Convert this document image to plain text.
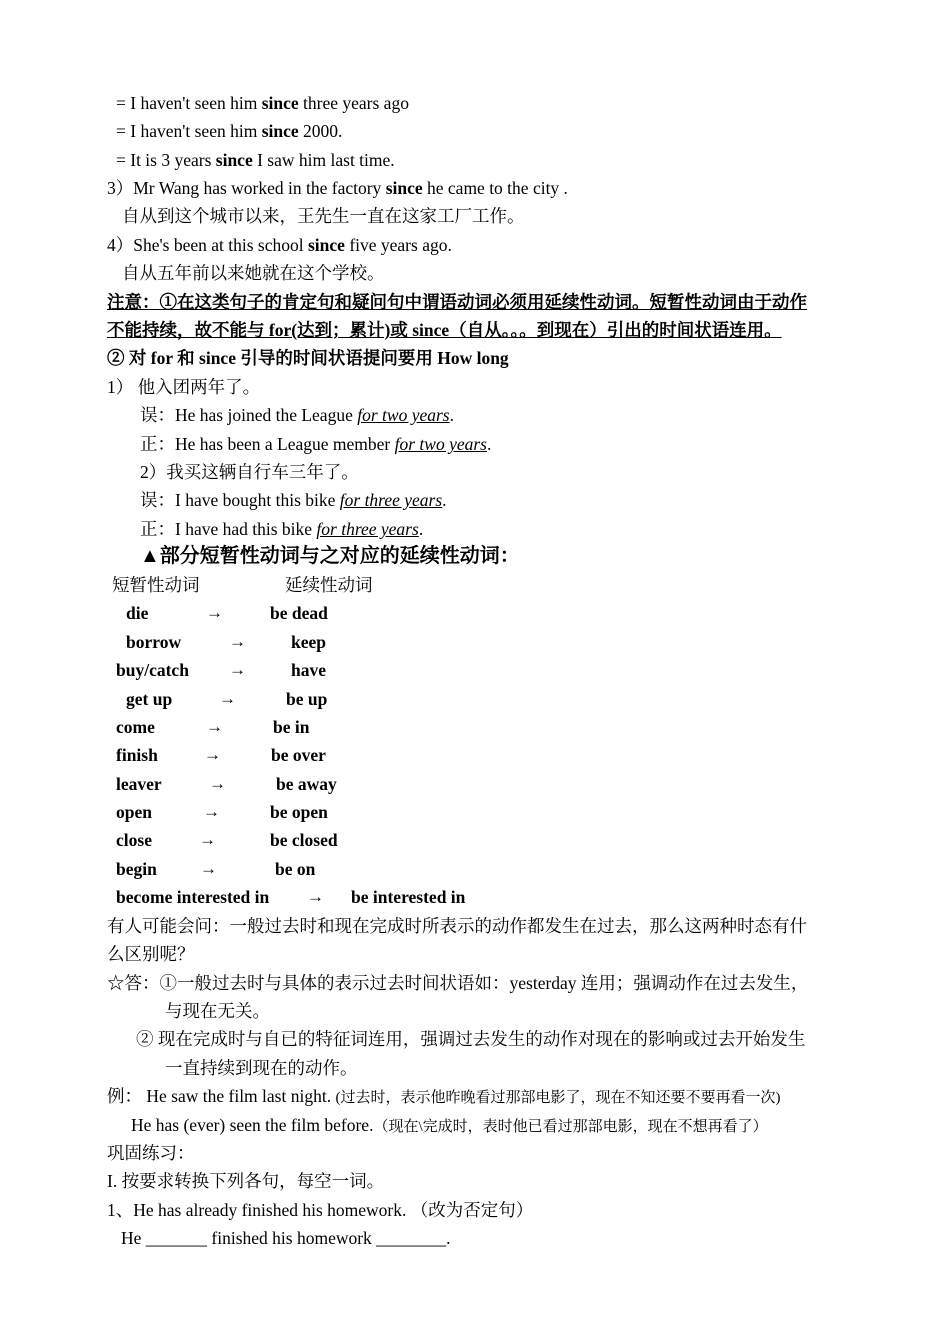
= I haven't seen him since three years ago
= I haven't seen him since 2000.
= It is 3 years since I saw him last time.
3）Mr Wang has worked in the factory since he came to the city .
自从到这个城市以来，王先生一直在这家工厂工作。
4）She's been at this school since five years ago.
自从五年前以来她就在这个学校。
注意：①在这类句子的肯定句和疑问句中谓语动词必须用延续性动词。短暂性动词由于动作
不能持续，故不能与 for(达到；累计)或 since（自从。。。到现在）引出的时间状语连用。
② 对 for 和 since 引导的时间状语提问要用 How long
1） 他入团两年了。
误：He has joined the League for two years.
正：He has been a League member for two years.
2）我买这辆自行车三年了。
误：I have bought this bike for three years.
正：I have had this bike for three years.
▲部分短暂性动词与之对应的延续性动词：
短暂性动词	延续性动词
die	→	be dead
borrow	→	keep
buy/catch →	have
get up	→	be up
come	→	be in
finish	→	be over
leaver	→	be away
open	→	be open
close	→	be closed
begin	→	be on
become interested in → be interested in
有人可能会问：一般过去时和现在完成时所表示的动作都发生在过去，那么这两种时态有什
么区别呢？
☆答：①一般过去时与具体的表示过去时间状语如：yesterday 连用；强调动作在过去发生，
与现在无关。
② 现在完成时与自已的特征词连用，强调过去发生的动作对现在的影响或过去开始发生
一直持续到现在的动作。
例： He saw the film last night. (过去时，表示他昨晚看过那部电影了，现在不知还要不要再看一次)
He has (ever) seen the film before.（现在\完成时，表时他已看过那部电影，现在不想再看了）
巩固练习：
I. 按要求转换下列各句，每空一词。
1、He has already finished his homework. （改为否定句）
He _______ finished his homework ________.
